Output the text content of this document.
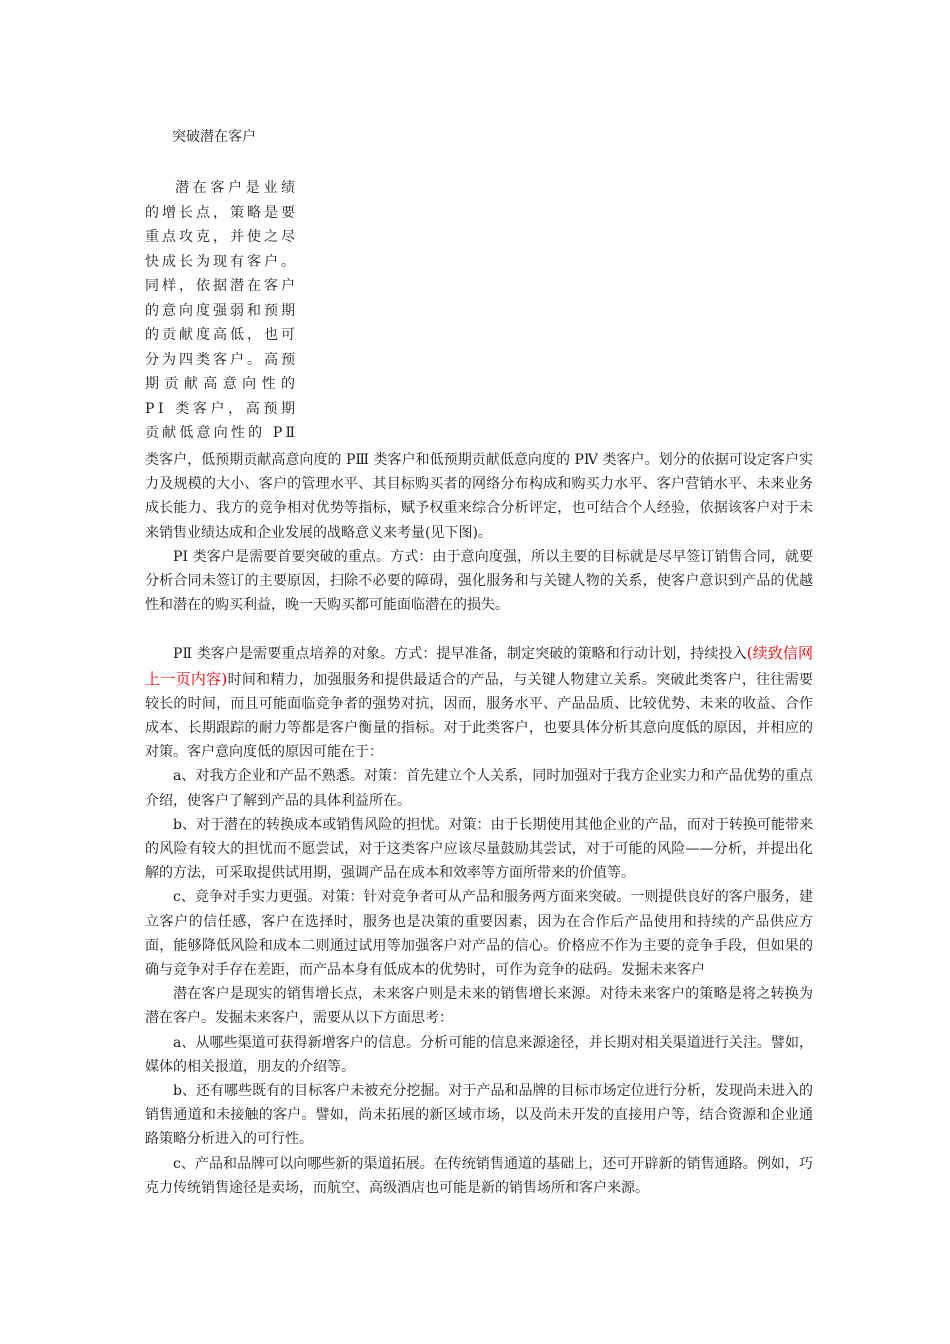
突破潜在客户
潜在客户是业绩
的增长点，策略是要
重点攻克，并使之尽
快成长为现有客户。
同样，依据潜在客户
的意向度强弱和预期
的贡献度高低，也可
分为四类客户。高预
期贡献高意向性的
PⅠ 类客户，高预期
贡献低意向性的 PⅡ

类客户，低预期贡献高意向度的 PⅢ 类客户和低预期贡献低意向度的 PⅣ 类客户。划分的依据可设定客户实力及规模的大小、客户的管理水平、其目标购买者的网络分布构成和购买力水平、客户营销水平、未来业务成长能力、我方的竞争相对优势等指标，赋予权重来综合分析评定，也可结合个人经验，依据该客户对于未来销售业绩达成和企业发展的战略意义来考量(见下图)。

PⅠ 类客户是需要首要突破的重点。方式：由于意向度强，所以主要的目标就是尽早签订销售合同，就要分析合同未签订的主要原因，扫除不必要的障碍，强化服务和与关键人物的关系，使客户意识到产品的优越性和潜在的购买利益，晚一天购买都可能面临潜在的损失。

PⅡ 类客户是需要重点培养的对象。方式：提早准备，制定突破的策略和行动计划，持续投入(续致信网上一页内容)时间和精力，加强服务和提供最适合的产品，与关键人物建立关系。突破此类客户，往往需要较长的时间，而且可能面临竞争者的强势对抗，因而，服务水平、产品品质、比较优势、未来的收益、合作成本、长期跟踪的耐力等都是客户衡量的指标。对于此类客户，也要具体分析其意向度低的原因，并相应的对策。客户意向度低的原因可能在于：

a、对我方企业和产品不熟悉。对策：首先建立个人关系，同时加强对于我方企业实力和产品优势的重点介绍，使客户了解到产品的具体利益所在。

b、对于潜在的转换成本或销售风险的担忧。对策：由于长期使用其他企业的产品，而对于转换可能带来的风险有较大的担忧而不愿尝试，对于这类客户应该尽量鼓励其尝试，对于可能的风险——分析，并提出化解的方法，可采取提供试用期，强调产品在成本和效率等方面所带来的价值等。

c、竞争对手实力更强。对策：针对竞争者可从产品和服务两方面来突破。一则提供良好的客户服务，建立客户的信任感，客户在选择时，服务也是决策的重要因素，因为在合作后产品使用和持续的产品供应方面，能够降低风险和成本二则通过试用等加强客户对产品的信心。价格应不作为主要的竞争手段，但如果的确与竞争对手存在差距，而产品本身有低成本的优势时，可作为竞争的砝码。发掘未来客户

潜在客户是现实的销售增长点，未来客户则是未来的销售增长来源。对待未来客户的策略是将之转换为潜在客户。发掘未来客户，需要从以下方面思考：

a、从哪些渠道可获得新增客户的信息。分析可能的信息来源途径，并长期对相关渠道进行关注。譬如，媒体的相关报道，朋友的介绍等。

b、还有哪些既有的目标客户未被充分挖掘。对于产品和品牌的目标市场定位进行分析，发现尚未进入的销售通道和未接触的客户。譬如，尚未拓展的新区域市场，以及尚未开发的直接用户等，结合资源和企业通路策略分析进入的可行性。

c、产品和品牌可以向哪些新的渠道拓展。在传统销售通道的基础上，还可开辟新的销售通路。例如，巧克力传统销售途径是卖场，而航空、高级酒店也可能是新的销售场所和客户来源。
